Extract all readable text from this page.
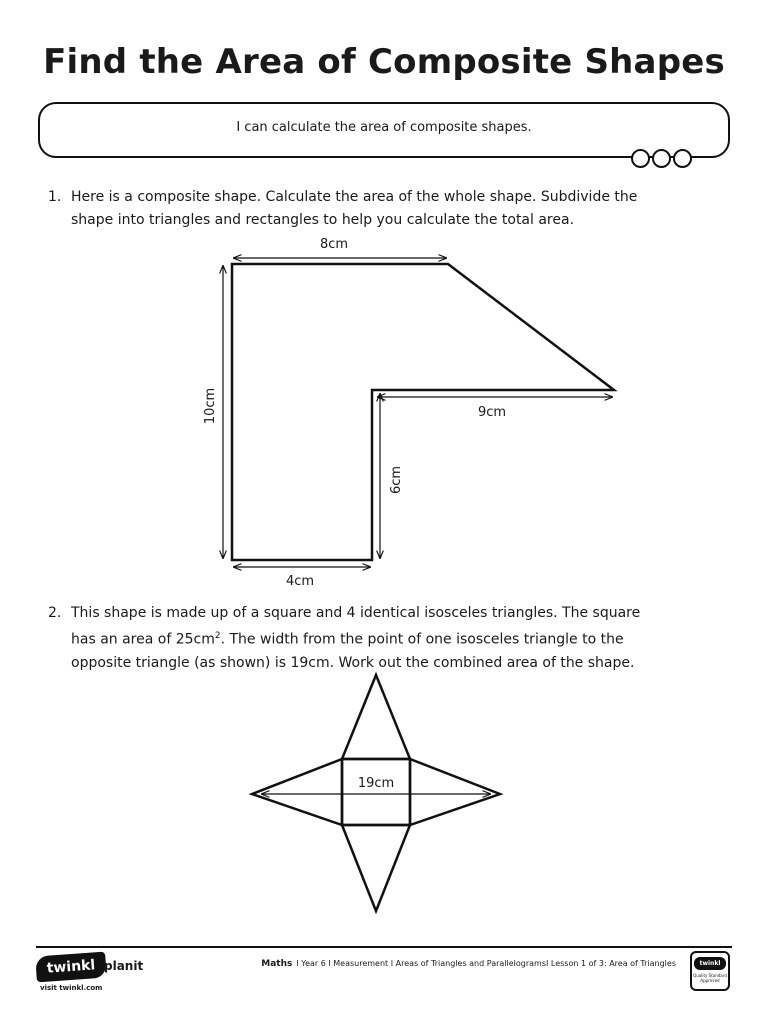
Find the Area of Composite Shapes
I can calculate the area of composite shapes.
1. Here is a composite shape. Calculate the area of the whole shape. Subdivide the
shape into triangles and rectangles to help you calculate the total area.
2. This shape is made up of a square and 4 identical isosceles triangles. The square
has an area of $25cm^2$. The width from the point of one isosceles triangle to the
opposite triangle (as shown) is 19cm. Work out the combined area of the shape.
8cm
9cm
10cm
6cm
4cm
19cm
twinkl planit
visit twinkl.com
Maths I Year 6 I Measurement I Areas of Triangles and ParallelogramsI Lesson 1 of 3: Area of Triangles	twinkl
Quality Standard Approved
